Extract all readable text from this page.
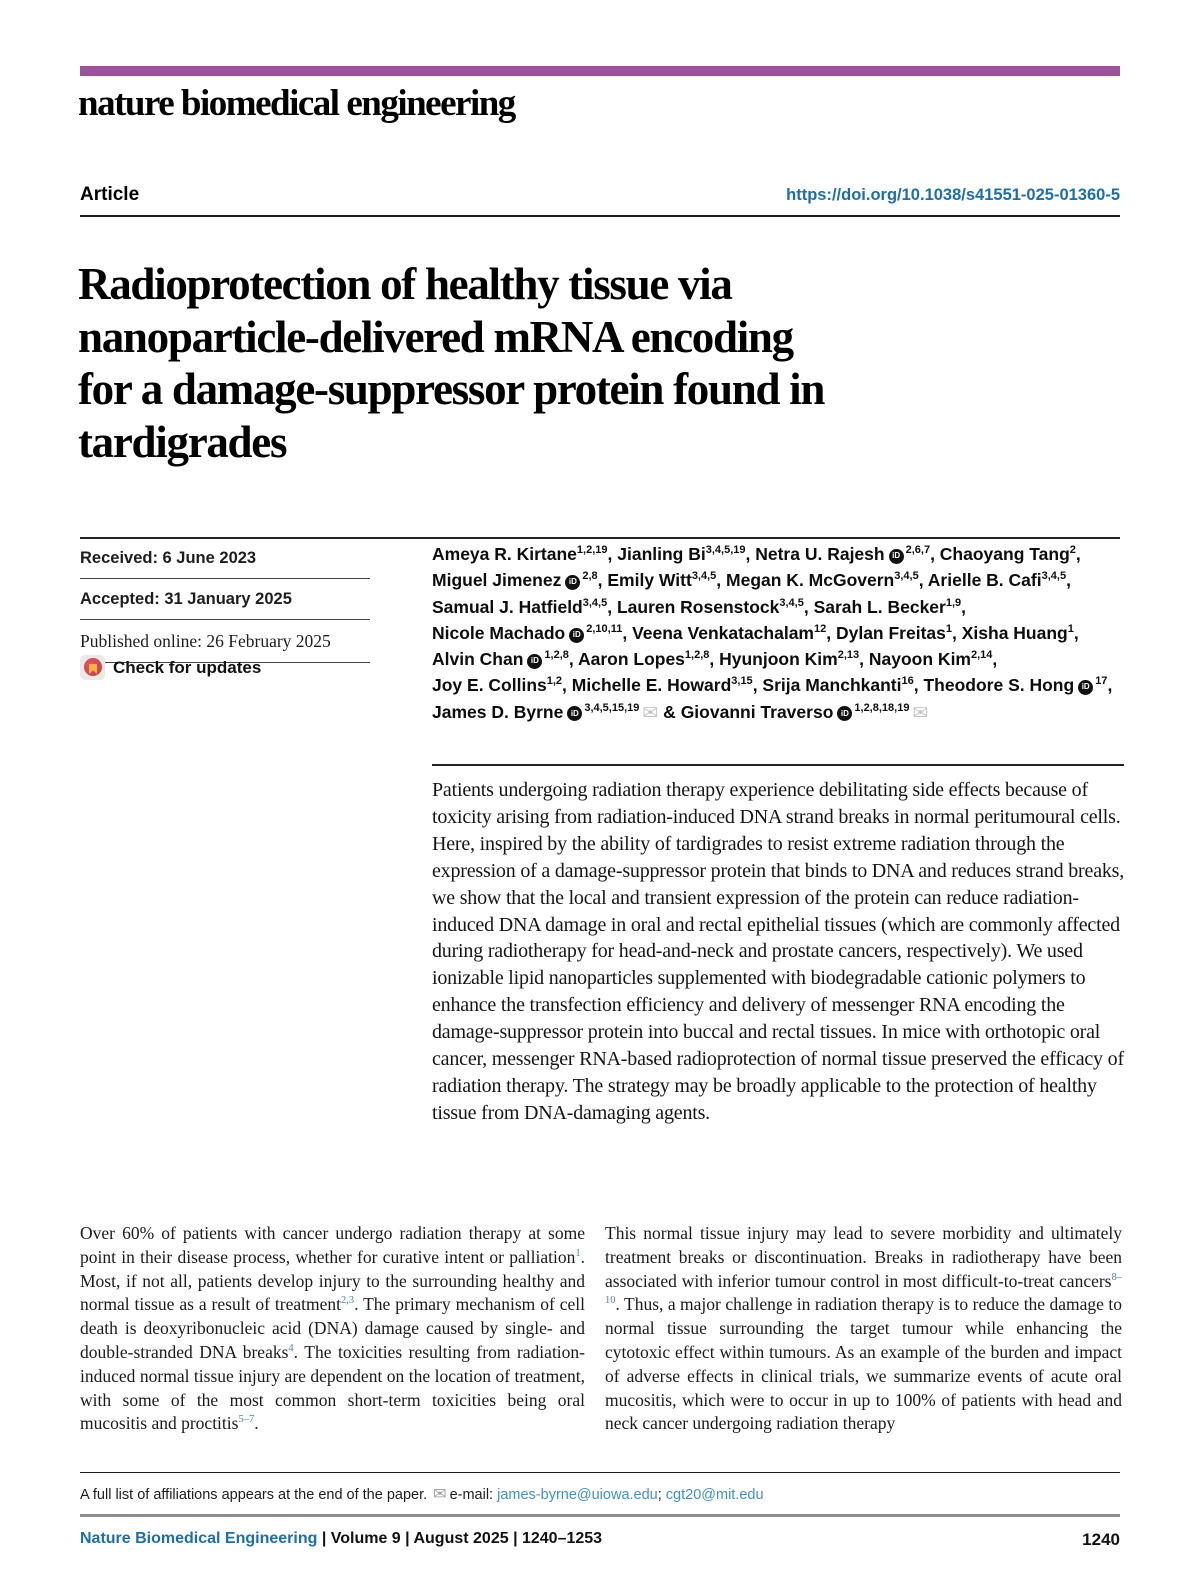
nature biomedical engineering
Article	https://doi.org/10.1038/s41551-025-01360-5
Radioprotection of healthy tissue via
nanoparticle-delivered mRNA encoding
for a damage-suppressor protein found in
tardigrades
Received: 6 June 2023
Accepted: 31 January 2025
Published online: 26 February 2025
Check for updates
Ameya R. Kirtane$^{1,2,19}$, Jianling Bi$^{3,4,5,19}$, Netra U. Rajesh iD $^{2,6,7}$, Chaoyang Tang$^2$,
Miguel Jimenez iD $^{2,8}$, Emily Witt$^{3,4,5}$, Megan K. McGovern$^{3,4,5}$, Arielle B. Cafi$^{3,4,5}$,
Samual J. Hatfield$^{3,4,5}$, Lauren Rosenstock$^{3,4,5}$, Sarah L. Becker$^{1,9}$,
Nicole Machado iD $^{2,10,11}$, Veena Venkatachalam$^{12}$, Dylan Freitas$^1$, Xisha Huang$^1$,
Alvin Chan iD $^{1,2,8}$, Aaron Lopes$^{1,2,8}$, Hyunjoon Kim$^{2,13}$, Nayoon Kim$^{2,14}$,
Joy E. Collins$^{1,2}$, Michelle E. Howard$^{3,15}$, Srija Manchkanti$^{16}$, Theodore S. Hong iD $^{17}$,
James D. Byrne iD $^{3,4,5,15,19}$ ✉ & Giovanni Traverso iD $^{1,2,8,18,19}$ ✉
Patients undergoing radiation therapy experience debilitating side effects because of toxicity arising from radiation-induced DNA strand breaks in normal peritumoural cells. Here, inspired by the ability of tardigrades to resist extreme radiation through the expression of a damage-suppressor protein that binds to DNA and reduces strand breaks, we show that the local and transient expression of the protein can reduce radiation-induced DNA damage in oral and rectal epithelial tissues (which are commonly affected during radiotherapy for head-and-neck and prostate cancers, respectively). We used ionizable lipid nanoparticles supplemented with biodegradable cationic polymers to enhance the transfection efficiency and delivery of messenger RNA encoding the damage-suppressor protein into buccal and rectal tissues. In mice with orthotopic oral cancer, messenger RNA-based radioprotection of normal tissue preserved the efficacy of radiation therapy. The strategy may be broadly applicable to the protection of healthy tissue from DNA-damaging agents.
Over 60% of patients with cancer undergo radiation therapy at some point in their disease process, whether for curative intent or palliation$^1$. Most, if not all, patients develop injury to the surrounding healthy and normal tissue as a result of treatment$^{2,3}$. The primary mechanism of cell death is deoxyribonucleic acid (DNA) damage caused by single- and double-stranded DNA breaks$^4$. The toxicities resulting from radiation-induced normal tissue injury are dependent on the location of treatment, with some of the most common short-term toxicities being oral mucositis and proctitis$^{5-7}$.
This normal tissue injury may lead to severe morbidity and ultimately treatment breaks or discontinuation. Breaks in radiotherapy have been associated with inferior tumour control in most difficult-to-treat cancers$^{8-10}$. Thus, a major challenge in radiation therapy is to reduce the damage to normal tissue surrounding the target tumour while enhancing the cytotoxic effect within tumours. As an example of the burden and impact of adverse effects in clinical trials, we summarize events of acute oral mucositis, which were to occur in up to 100% of patients with head and neck cancer undergoing radiation therapy
A full list of affiliations appears at the end of the paper. ✉ e-mail: james-byrne@uiowa.edu; cgt20@mit.edu
Nature Biomedical Engineering | Volume 9 | August 2025 | 1240–1253	1240
